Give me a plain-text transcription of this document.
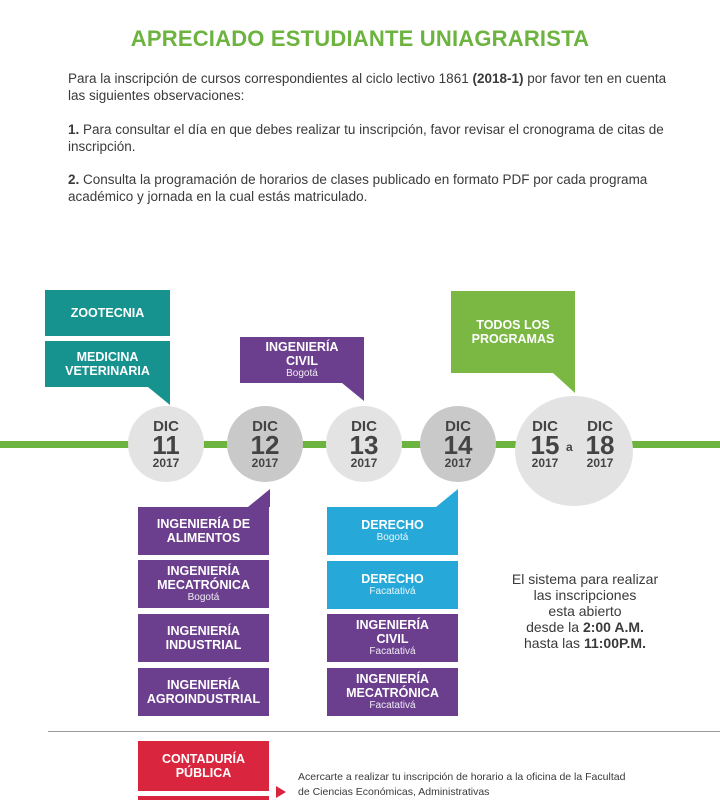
APRECIADO ESTUDIANTE UNIAGRARISTA
Para la inscripción de cursos correspondientes al ciclo lectivo 1861 (2018-1) por favor ten en cuenta las siguientes observaciones:
1. Para consultar el día en que debes realizar tu inscripción, favor revisar el cronograma de citas de inscripción.
2. Consulta la programación de horarios de clases publicado en formato PDF por cada programa académico y jornada en la cual estás matriculado.
ZOOTECNIA
MEDICINA VETERINARIA
INGENIERÍA CIVIL
Bogotá
TODOS LOS PROGRAMAS
DIC
11
2017
DIC
12
2017
DIC
13
2017
DIC
14
2017
DIC
15
2017
a
DIC
18
2017
INGENIERÍA DE ALIMENTOS
INGENIERÍA MECATRÓNICA
Bogotá
INGENIERÍA INDUSTRIAL
INGENIERÍA AGROINDUSTRIAL
DERECHO
Bogotá
DERECHO
Facatativá
INGENIERÍA CIVIL
Facatativá
INGENIERÍA MECATRÓNICA
Facatativá
El sistema para realizar
las inscripciones
esta abierto
desde la 2:00 A.M.
hasta las 11:00P.M.
CONTADURÍA PÚBLICA	Acercarte a realizar tu inscripción de horario a la oficina de la Facultad de Ciencias Económicas, Administrativas
